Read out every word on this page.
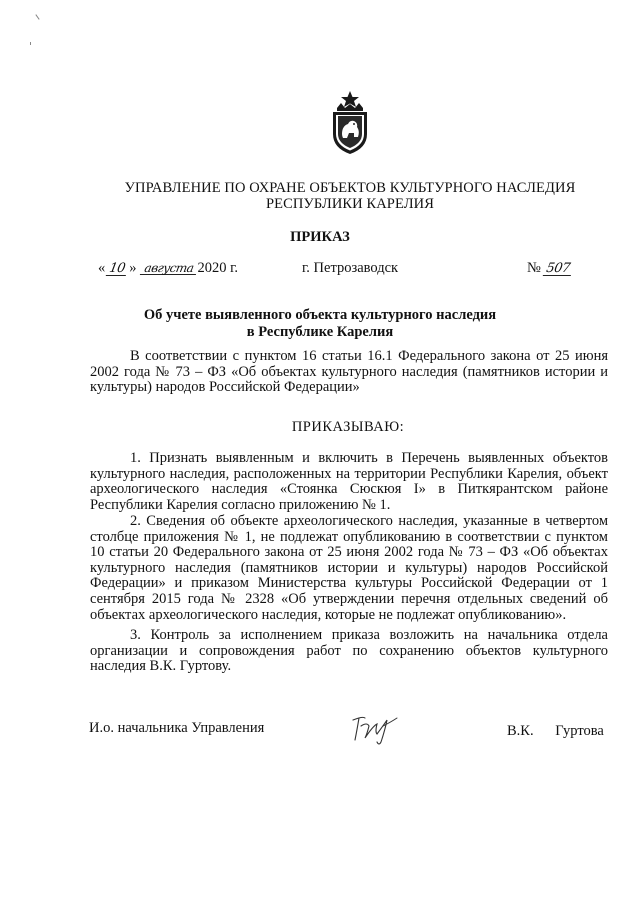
УПРАВЛЕНИЕ ПО ОХРАНЕ ОБЪЕКТОВ КУЛЬТУРНОГО НАСЛЕДИЯ
РЕСПУБЛИКИ КАРЕЛИЯ
ПРИКАЗ
« 10 » августа 2020 г.	г. Петрозаводск	№ 507
Об учете выявленного объекта культурного наследия
в Республике Карелия

В соответствии с пунктом 16 статьи 16.1 Федерального закона от 25 июня 2002 года № 73 – ФЗ «Об объектах культурного наследия (памятников истории и культуры) народов Российской Федерации»

ПРИКАЗЫВАЮ:

1. Признать выявленным и включить в Перечень выявленных объектов культурного наследия, расположенных на территории Республики Карелия, объект археологического наследия «Стоянка Сюскюя I» в Питкярантском районе Республики Карелия согласно приложению № 1.

2. Сведения об объекте археологического наследия, указанные в четвертом столбце приложения № 1, не подлежат опубликованию в соответствии с пунктом 10 статьи 20 Федерального закона от 25 июня 2002 года № 73 – ФЗ «Об объектах культурного наследия (памятников истории и культуры) народов Российской Федерации» и приказом Министерства культуры Российской Федерации от 1 сентября 2015 года № 2328 «Об утверждении перечня отдельных сведений об объектах археологического наследия, которые не подлежат опубликованию».

3. Контроль за исполнением приказа возложить на начальника отдела организации и сопровождения работ по сохранению объектов культурного наследия В.К. Гуртову.

И.о. начальника Управления	В.К. Гуртова
